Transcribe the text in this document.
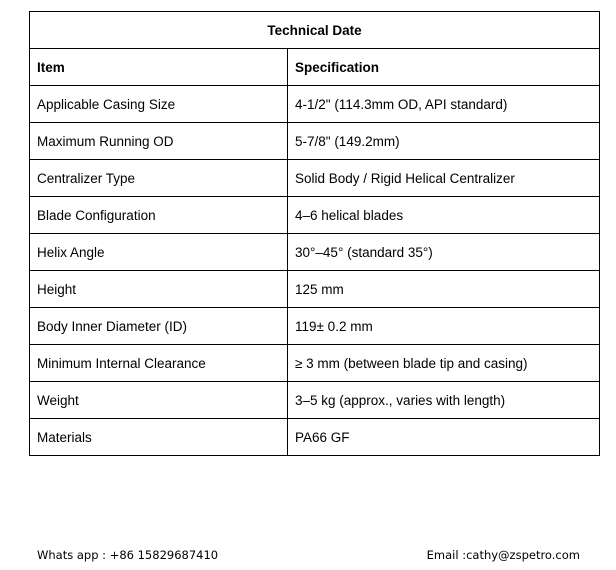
Technical Date	
Item	Specification
Applicable Casing Size	4-1/2" (114.3mm OD, API standard)
Maximum Running OD	5-7/8" (149.2mm)
Centralizer Type	Solid Body / Rigid Helical Centralizer
Blade Configuration	4–6 helical blades
Helix Angle	30°–45° (standard 35°)
Height	125 mm
Body Inner Diameter (ID)	119± 0.2 mm
Minimum Internal Clearance	≥ 3 mm (between blade tip and casing)
Weight	3–5 kg (approx., varies with length)
Materials	PA66 GF
Whats app : +86 15829687410	Email :cathy@zspetro.com
